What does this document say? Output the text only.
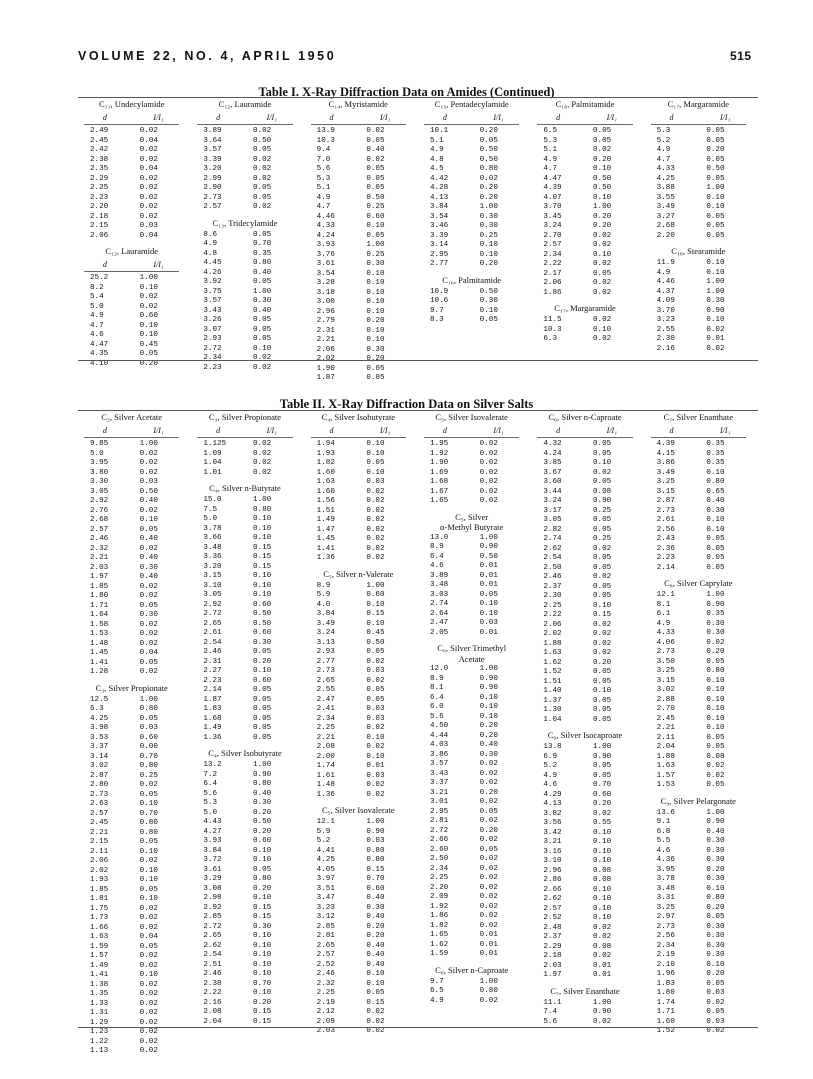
VOLUME 22, NO. 4, APRIL 1950	515
Table I. X-Ray Diffraction Data on Amides (Continued)
C₁₁, Undecylamide
d	I/I₁
2.49	0.02
2.45	0.04
2.42	0.02
2.38	0.02
2.35	0.04
2.29	0.02
2.25	0.02
2.23	0.02
2.20	0.02
2.18	0.02
2.15	0.03
2.06	0.04
C₁₂, Lauramide
d	I/I₁
25.2	1.00
8.2	0.10
5.4	0.02
5.0	0.02
4.9	0.60
4.7	0.10
4.6	0.10
4.47	0.45
4.35	0.05
4.10	0.20
C₁₂, Lauramide
d	I/I₁
3.89	0.02
3.64	0.50
3.57	0.05
3.39	0.02
3.20	0.02
2.99	0.02
2.90	0.05
2.73	0.05
2.57	0.02
C₁₃, Tridecylamide
8.6	0.05
4.9	0.70
4.8	0.35
4.45	0.80
4.26	0.40
3.92	0.05
3.75	1.00
3.57	0.30
3.43	0.40
3.26	0.05
3.07	0.05
2.93	0.05
2.72	0.10
2.34	0.02
2.23	0.02
C₁₄, Myristamide
d	I/I₁
13.9	0.02
10.3	0.05
9.4	0.40
7.0	0.02
5.6	0.05
5.3	0.05
5.1	0.05
4.9	0.50
4.7	0.25
4.46	0.60
4.33	0.10
4.24	0.05
3.93	1.00
3.76	0.25
3.61	0.30
3.54	0.10
3.28	0.10
3.18	0.10
3.00	0.10
2.96	0.10
2.79	0.20
2.31	0.10
2.21	0.10
2.06	0.30
2.02	0.20
1.90	0.05
1.87	0.05
C₁₅, Pentadecylamide
d	I/I₁
10.1	0.20
5.1	0.05
4.9	0.50
4.8	0.50
4.5	0.80
4.42	0.02
4.28	0.20
4.13	0.20
3.84	1.00
3.54	0.30
3.46	0.30
3.39	0.25
3.14	0.10
2.95	0.10
2.77	0.20
C₁₆, Palmitamide
10.9	0.50
10.6	0.30
9.7	0.10
8.3	0.05
C₁₆, Palmitamide
d	I/I₁
6.5	0.05
5.3	0.05
5.1	0.02
4.9	0.20
4.7	0.10
4.47	0.50
4.39	0.50
4.07	0.10
3.70	1.00
3.45	0.20
3.24	0.20
2.70	0.02
2.57	0.02
2.34	0.10
2.22	0.02
2.17	0.05
2.06	0.02
1.86	0.02
C₁₇, Margaramide
11.5	0.02
10.3	0.10
6.3	0.02
C₁₇, Margaramide
d	I/I₁
5.3	0.05
5.2	0.05
4.9	0.20
4.7	0.05
4.33	0.50
4.25	0.05
3.88	1.00
3.55	0.10
3.49	0.10
3.27	0.05
2.68	0.05
2.20	0.05
C₁₈, Stearamide
11.9	0.10
4.9	0.10
4.46	1.00
4.37	1.00
4.09	0.30
3.70	0.90
3.23	0.10
2.55	0.02
2.30	0.01
2.16	0.02
Table II. X-Ray Diffraction Data on Silver Salts
C₂, Silver Acetate
d	I/I₁
9.85	1.00
5.0	0.02
3.95	0.02
3.80	0.02
3.30	0.03
3.05	0.50
2.92	0.40
2.76	0.02
2.68	0.10
2.57	0.05
2.46	0.40
2.32	0.02
2.21	0.40
2.03	0.30
1.97	0.40
1.85	0.02
1.80	0.02
1.71	0.05
1.64	0.30
1.58	0.02
1.53	0.02
1.48	0.02
1.45	0.04
1.41	0.05
1.28	0.02
C₃, Silver Propionate
12.5	1.00
6.3	0.80
4.25	0.05
3.98	0.03
3.53	0.60
3.37	0.00
3.14	0.70
3.02	0.80
2.87	0.25
2.80	0.02
2.73	0.05
2.63	0.10
2.57	0.70
2.45	0.80
2.21	0.80
2.15	0.05
2.11	0.10
2.06	0.02
2.02	0.10
1.93	0.10
1.85	0.05
1.81	0.10
1.75	0.02
1.73	0.02
1.66	0.02
1.63	0.04
1.59	0.05
1.57	0.02
1.49	0.02
1.41	0.10
1.38	0.02
1.35	0.02
1.33	0.02
1.31	0.02
1.29	0.02
1.23	0.02
1.22	0.02
1.13	0.02
C₃, Silver Propionate
d	I/I₁
1.125	0.02
1.09	0.02
1.04	0.02
1.01	0.02
C₄, Silver n-Butyrate
15.0	1.00
7.5	0.80
5.0	0.10
3.78	0.10
3.66	0.10
3.48	0.15
3.36	0.15
3.20	0.15
3.15	0.10
3.10	0.10
3.05	0.10
2.92	0.60
2.72	0.50
2.65	0.50
2.61	0.60
2.54	0.30
2.46	0.05
2.31	0.20
2.27	0.10
2.23	0.60
2.14	0.05
1.87	0.05
1.83	0.05
1.68	0.05
1.49	0.05
1.36	0.05
C₄, Silver Isobutyrate
13.2	1.00
7.2	0.90
6.4	0.80
5.6	0.40
5.3	0.30
5.0	0.20
4.43	0.50
4.27	0.20
3.93	0.60
3.84	0.10
3.72	0.10
3.61	0.05
3.29	0.80
3.08	0.20
2.98	0.10
2.92	0.15
2.85	0.15
2.72	0.30
2.65	0.10
2.62	0.10
2.54	0.10
2.51	0.10
2.46	0.10
2.38	0.70
2.22	0.10
2.16	0.20
2.08	0.15
2.04	0.15
C₄, Silver Isobutyrate
d	I/I₁
1.94	0.10
1.93	0.10
1.82	0.05
1.60	0.10
1.63	0.03
1.60	0.02
1.56	0.02
1.51	0.02
1.49	0.02
1.47	0.02
1.45	0.02
1.41	0.02
1.36	0.02
C₅, Silver n-Valerate
8.9	1.00
5.9	0.60
4.0	0.10
3.84	0.15
3.49	0.10
3.24	0.45
3.13	0.50
2.93	0.05
2.77	0.02
2.73	0.03
2.65	0.02
2.55	0.05
2.47	0.05
2.41	0.03
2.34	0.03
2.25	0.02
2.21	0.10
2.08	0.02
2.00	0.10
1.74	0.01
1.61	0.03
1.48	0.02
1.36	0.02
C₅, Silver Isovalerate
12.1	1.00
5.9	0.90
5.2	0.03
4.41	0.80
4.25	0.80
4.05	0.15
3.97	0.70
3.51	0.60
3.47	0.40
3.23	0.30
3.12	0.40
2.85	0.20
2.81	0.20
2.65	0.40
2.57	0.40
2.52	0.40
2.46	0.10
2.32	0.10
2.25	0.05
2.19	0.15
2.12	0.02
2.09	0.02
2.03	0.02
C₅, Silver Isovalerate
d	I/I₁
1.95	0.02
1.92	0.02
1.90	0.02
1.69	0.02
1.68	0.02
1.67	0.02
1.65	0.02
C₅, Silver
α-Methyl Butyrate
13.0	1.00
8.9	0.90
6.4	0.50
4.6	0.01
3.89	0.01
3.48	0.01
3.03	0.05
2.74	0.10
2.64	0.10
2.47	0.03
2.05	0.01
C₆, Silver Trimethyl
Acetate
12.0	1.00
8.9	0.90
8.1	0.90
6.4	0.10
6.0	0.10
5.6	0.10
4.50	0.20
4.44	0.20
4.03	0.40
3.86	0.30
3.57	0.02
3.43	0.02
3.37	0.02
3.21	0.20
3.01	0.02
2.95	0.05
2.81	0.02
2.72	0.20
2.66	0.02
2.60	0.05
2.50	0.02
2.34	0.02
2.25	0.02
2.20	0.02
2.09	0.02
1.92	0.02
1.86	0.02
1.82	0.02
1.65	0.01
1.62	0.01
1.59	0.01
C₆, Silver n-Caproate
9.7	1.00
6.5	0.80
4.9	0.02
C₆, Silver n-Caproate
d	I/I₁
4.32	0.05
4.24	0.05
3.85	0.10
3.67	0.02
3.60	0.05
3.44	0.08
3.24	0.90
3.17	0.25
3.05	0.05
2.82	0.05
2.74	0.25
2.62	0.02
2.54	0.05
2.50	0.05
2.46	0.02
2.37	0.05
2.30	0.05
2.25	0.10
2.22	0.15
2.06	0.02
2.02	0.02
1.88	0.02
1.63	0.02
1.62	0.20
1.52	0.05
1.51	0.05
1.40	0.10
1.37	0.05
1.30	0.05
1.04	0.05
C₆, Silver Isocaproate
13.8	1.00
6.9	0.90
5.2	0.05
4.9	0.05
4.6	0.70
4.29	0.60
4.13	0.20
3.82	0.02
3.56	0.55
3.42	0.10
3.21	0.10
3.16	0.10
3.10	0.10
2.96	0.08
2.86	0.08
2.66	0.10
2.62	0.10
2.57	0.10
2.52	0.10
2.48	0.02
2.37	0.02
2.29	0.08
2.18	0.02
2.03	0.01
1.97	0.01
C₇, Silver Enanthate
11.1	1.00
7.4	0.90
5.6	0.02
C₇, Silver Enanthate
d	I/I₁
4.39	0.35
4.15	0.35
3.86	0.35
3.49	0.10
3.25	0.80
3.15	0.65
2.87	0.40
2.73	0.30
2.61	0.10
2.56	0.10
2.43	0.05
2.36	0.05
2.23	0.05
2.14	0.05
C₈, Silver Caprylate
12.1	1.00
8.1	0.90
6.1	0.35
4.9	0.30
4.33	0.30
4.06	0.02
2.73	0.20
3.50	0.05
3.25	0.80
3.15	0.10
3.02	0.10
2.88	0.10
2.70	0.10
2.45	0.10
2.21	0.10
2.11	0.05
2.04	0.05
1.88	0.08
1.63	0.02
1.57	0.02
1.53	0.05
C₉, Silver Pelargonate
13.6	1.00
9.1	0.90
6.8	0.40
5.5	0.30
4.6	0.30
4.36	0.30
3.95	0.20
3.78	0.30
3.48	0.10
3.31	0.80
3.25	0.20
2.97	0.05
2.73	0.30
2.56	0.30
2.34	0.30
2.19	0.30
2.10	0.10
1.96	0.20
1.83	0.05
1.80	0.03
1.74	0.02
1.71	0.05
1.60	0.03
1.52	0.02
